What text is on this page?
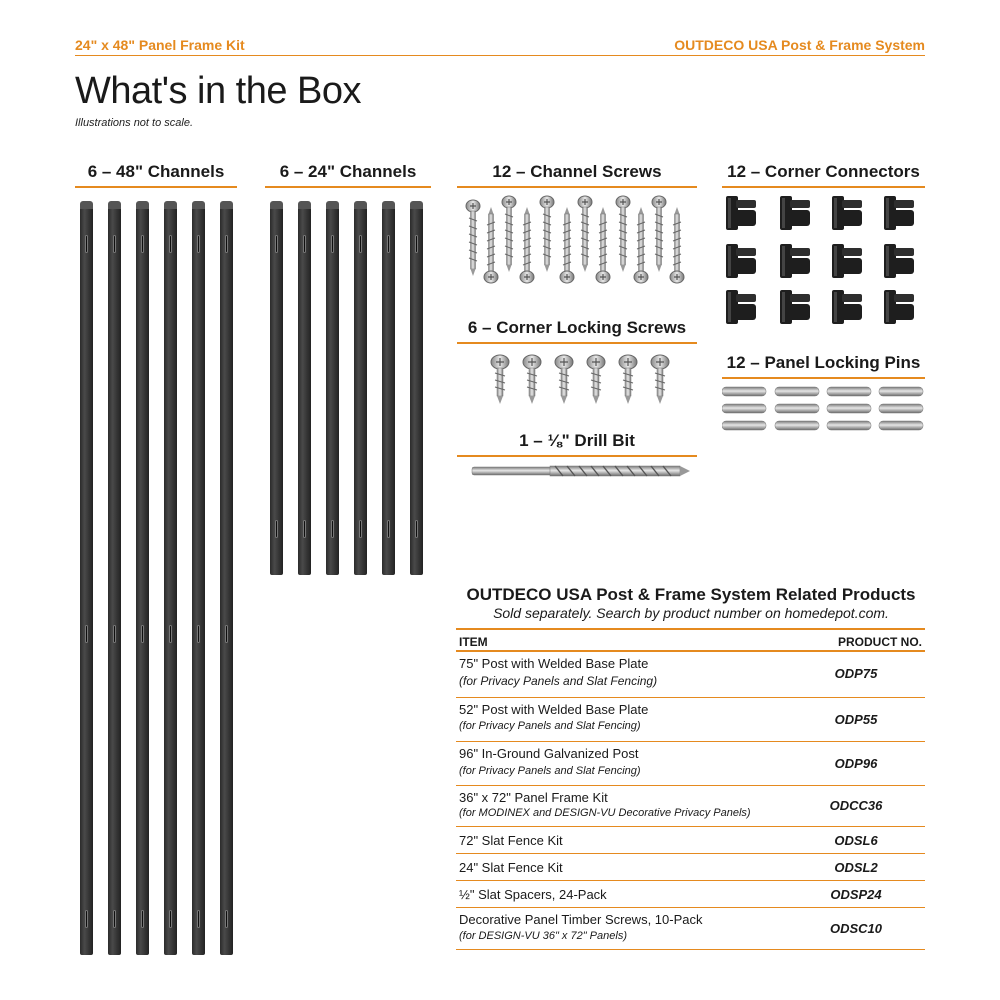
24" x 48" Panel Frame Kit	OUTDECO USA Post & Frame System
What's in the Box
Illustrations not to scale.
6 – 48" Channels	6 – 24" Channels	12 – Channel Screws	12 – Corner Connectors
6 – Corner Locking Screws
12 – Panel Locking Pins
1 – ⅛" Drill Bit
OUTDECO USA Post & Frame System Related Products
Sold separately. Search by product number on homedepot.com.
ITEM	PRODUCT NO.
75" Post with Welded Base Plate
(for Privacy Panels and Slat Fencing)	ODP75
52" Post with Welded Base Plate
(for Privacy Panels and Slat Fencing)	ODP55
96" In-Ground Galvanized Post
(for Privacy Panels and Slat Fencing)	ODP96
36" x 72" Panel Frame Kit
(for MODINEX and DESIGN-VU Decorative Privacy Panels)	ODCC36
72" Slat Fence Kit	ODSL6
24" Slat Fence Kit	ODSL2
½" Slat Spacers, 24-Pack	ODSP24
Decorative Panel Timber Screws, 10-Pack
(for DESIGN-VU 36" x 72" Panels)	ODSC10
